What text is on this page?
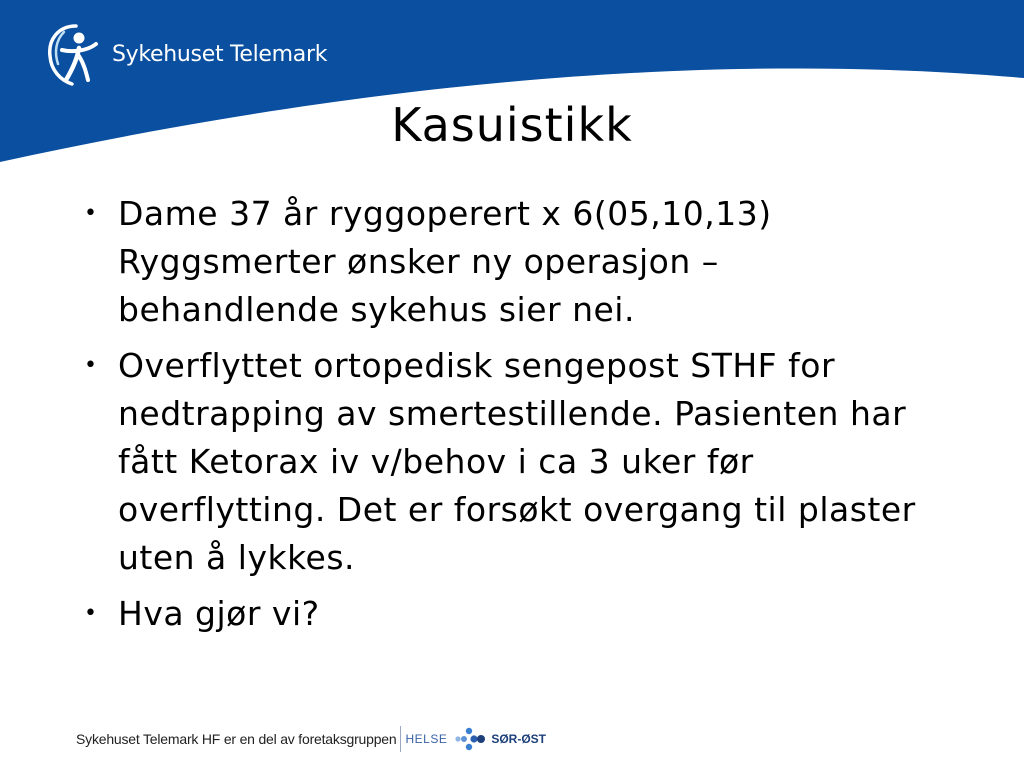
Sykehuset Telemark
Kasuistikk
• Dame 37 år ryggoperert x 6(05,10,13) Ryggsmerter ønsker ny operasjon – behandlende sykehus sier nei.
• Overflyttet ortopedisk sengepost STHF for nedtrapping av smertestillende. Pasienten har fått Ketorax iv v/behov i ca 3 uker før overflytting. Det er forsøkt overgang til plaster uten å lykkes.
• Hva gjør vi?
Sykehuset Telemark HF er en del av foretaksgruppen HELSE	SØR-ØST
